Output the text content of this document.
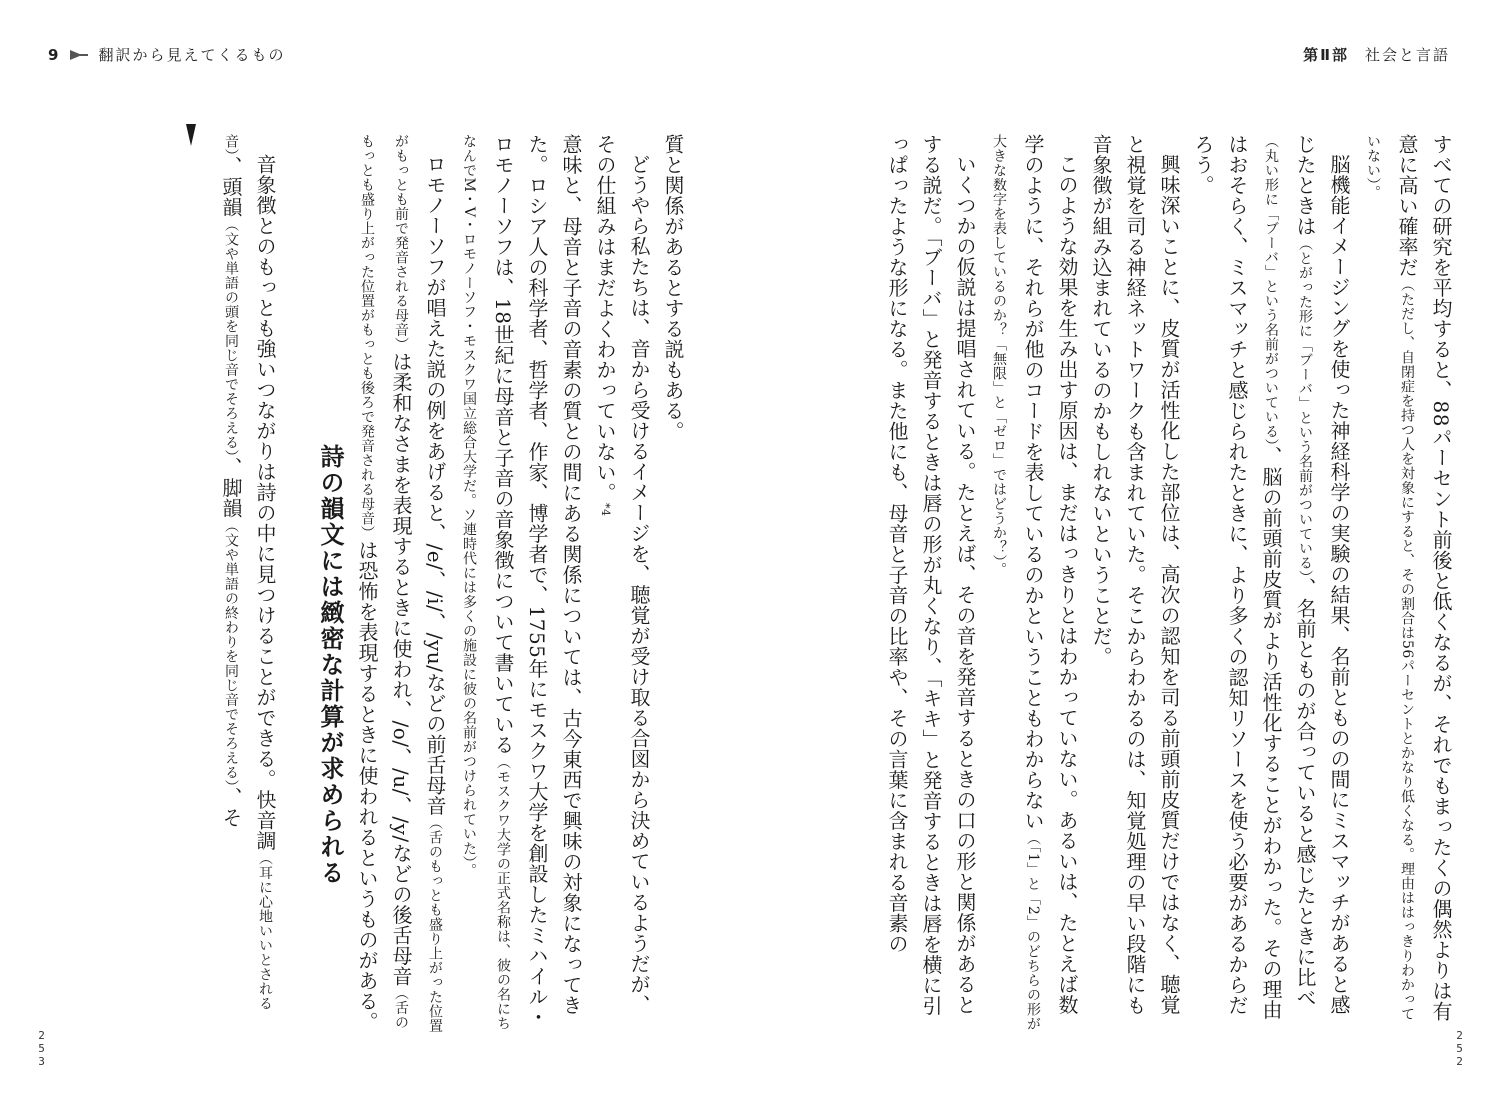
9	翻訳から見えてくるもの	第Ⅱ部 社会と言語

すべての研究を平均すると、88パーセント前後と低くなるが、それでもまったくの偶然よりは有意に高い確率だ（ただし、自閉症を持つ人を対象にすると、その割合は56パーセントとかなり低くなる。理由ははっきりわかっていない）。

脳機能イメージングを使った神経科学の実験の結果、名前とものの間にミスマッチがあると感じたときは（とがった形に「ブーバ」という名前がついている）、名前とものが合っていると感じたときに比べ（丸い形に「ブーバ」という名前がついている）、脳の前頭前皮質がより活性化することがわかった。その理由はおそらく、ミスマッチと感じられたときに、より多くの認知リソースを使う必要があるからだろう。

興味深いことに、皮質が活性化した部位は、高次の認知を司る前頭前皮質だけではなく、聴覚と視覚を司る神経ネットワークも含まれていた。そこからわかるのは、知覚処理の早い段階にも音象徴が組み込まれているのかもしれないということだ。

このような効果を生み出す原因は、まだはっきりとはわかっていない。あるいは、たとえば数学のように、それらが他のコードを表しているのかということもわからない（「1」と「2」のどちらの形が大きな数字を表しているのか？「無限」と「ゼロ」ではどうか？）。

いくつかの仮説は提唱されている。たとえば、その音を発音するときの口の形と関係があるとする説だ。「ブーバ」と発音するときは唇の形が丸くなり、「キキ」と発音するときは唇を横に引っぱったような形になる。また他にも、母音と子音の比率や、その言葉に含まれる音素の

質と関係があるとする説もある。

どうやら私たちは、音から受けるイメージを、聴覚が受け取る合図から決めているようだが、その仕組みはまだよくわかっていない。*4

意味と、母音と子音の音素の質との間にある関係については、古今東西で興味の対象になってきた。ロシア人の科学者、哲学者、作家、博学者で、1755年にモスクワ大学を創設したミハイル・ロモノーソフは、18世紀に母音と子音の音象徴について書いている（モスクワ大学の正式名称は、彼の名にちなんでM・V・ロモノーソフ・モスクワ国立総合大学だ。ソ連時代には多くの施設に彼の名前がつけられていた）。

ロモノーソフが唱えた説の例をあげると、/e/、/i/、/yu/などの前舌母音（舌のもっとも盛り上がった位置がもっとも前で発音される母音）は柔和なさまを表現するときに使われ、/o/、/u/、/y/などの後舌母音（舌のもっとも盛り上がった位置がもっとも後ろで発音される母音）は恐怖を表現するときに使われるというものがある。

詩の韻文には緻密な計算が求められる

音象徴とのもっとも強いつながりは詩の中に見つけることができる。快音調（耳に心地いいとされる音）、頭韻（文や単語の頭を同じ音でそろえる）、脚韻（文や単語の終わりを同じ音でそろえる）、そ

253	252
